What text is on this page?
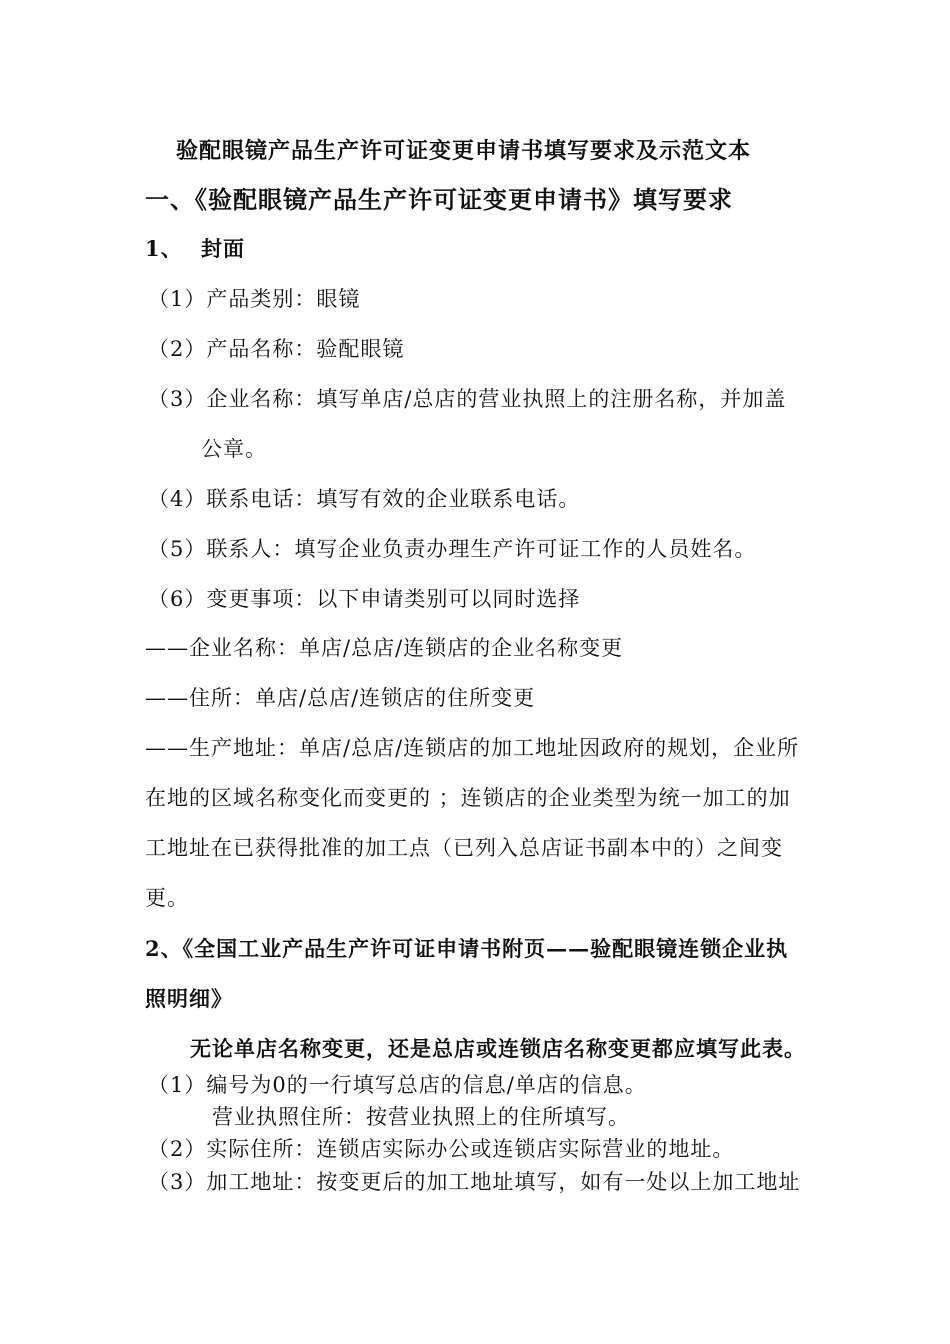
验配眼镜产品生产许可证变更申请书填写要求及示范文本
一、《验配眼镜产品生产许可证变更申请书》填写要求
1、 封面
（1）产品类别：眼镜
（2）产品名称：验配眼镜
（3）企业名称：填写单店/总店的营业执照上的注册名称，并加盖
公章。
（4）联系电话：填写有效的企业联系电话。
（5）联系人：填写企业负责办理生产许可证工作的人员姓名。
（6）变更事项：以下申请类别可以同时选择
——企业名称：单店/总店/连锁店的企业名称变更
——住所：单店/总店/连锁店的住所变更
——生产地址：单店/总店/连锁店的加工地址因政府的规划，企业所
在地的区域名称变化而变更的 ；连锁店的企业类型为统一加工的加
工地址在已获得批准的加工点（已列入总店证书副本中的）之间变
更。
2、《全国工业产品生产许可证申请书附页——验配眼镜连锁企业执
照明细》
无论单店名称变更，还是总店或连锁店名称变更都应填写此表。
（1）编号为0的一行填写总店的信息/单店的信息。
营业执照住所：按营业执照上的住所填写。
（2）实际住所：连锁店实际办公或连锁店实际营业的地址。
（3）加工地址：按变更后的加工地址填写，如有一处以上加工地址
